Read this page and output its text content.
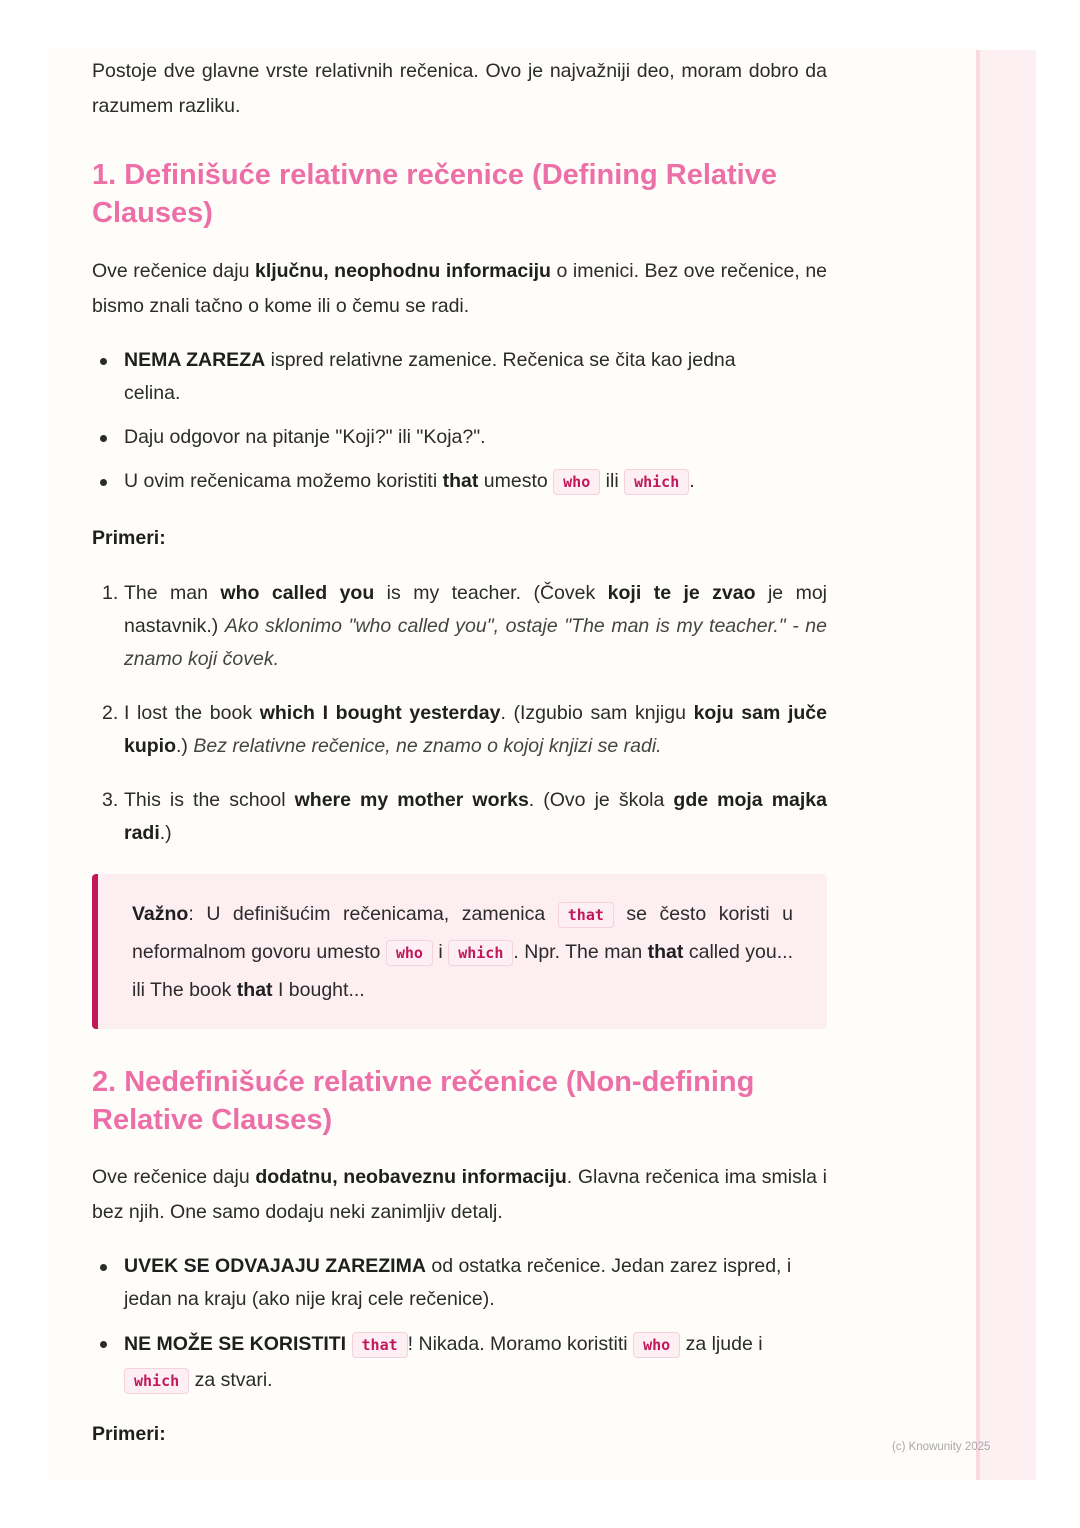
Postoje dve glavne vrste relativnih rečenica. Ovo je najvažniji deo, moram dobro da razumem razliku.

1. Definišuće relativne rečenice (Defining Relative Clauses)

Ove rečenice daju ključnu, neophodnu informaciju o imenici. Bez ove rečenice, ne bismo znali tačno o kome ili o čemu se radi.

NEMA ZAREZA ispred relativne zamenice. Rečenica se čita kao jedna celina.
Daju odgovor na pitanje "Koji?" ili "Koja?".
U ovim rečenicama možemo koristiti that umesto who ili which .

Primeri:

1. The man who called you is my teacher. (Čovek koji te je zvao je moj nastavnik.) Ako sklonimo "who called you", ostaje "The man is my teacher." - ne znamo koji čovek.
2. I lost the book which I bought yesterday. (Izgubio sam knjigu koju sam juče kupio.) Bez relativne rečenice, ne znamo o kojoj knjizi se radi.
3. This is the school where my mother works. (Ovo je škola gde moja majka radi.)
Važno: U definišućim rečenicama, zamenica that se često koristi u neformalnom govoru umesto who i which . Npr. The man that called you... ili The book that I bought...
2. Nedefinišuće relativne rečenice (Non-defining Relative Clauses)

Ove rečenice daju dodatnu, neobaveznu informaciju. Glavna rečenica ima smisla i bez njih. One samo dodaju neki zanimljiv detalj.

UVEK SE ODVAJAJU ZAREZIMA od ostatka rečenice. Jedan zarez ispred, i jedan na kraju (ako nije kraj cele rečenice).
NE MOŽE SE KORISTITI that ! Nikada. Moramo koristiti who za ljude i which za stvari.

Primeri:

(c) Knowunity 2025
